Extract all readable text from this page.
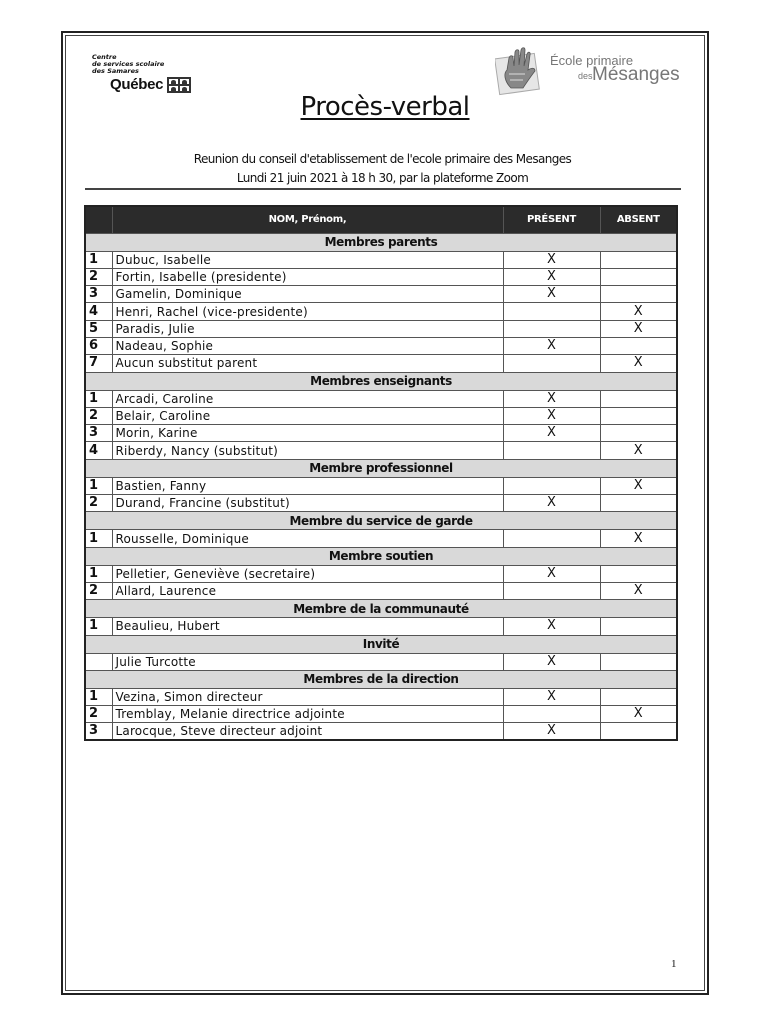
Centre
de services scolaire
des Samares
Québec
École primaire
des Mésanges
Procès-verbal
Reunion du conseil d'etablissement de l'ecole primaire des Mesanges
Lundi 21 juin 2021 à 18 h 30, par la plateforme Zoom
	NOM, Prénom,	PRÉSENT	ABSENT
Membres parents			
1	Dubuc, Isabelle	X	
2	Fortin, Isabelle (presidente)	X	
3	Gamelin, Dominique	X	
4	Henri, Rachel (vice-presidente)		X
5	Paradis, Julie		X
6	Nadeau, Sophie	X	
7	Aucun substitut parent		X
Membres enseignants			
1	Arcadi, Caroline	X	
2	Belair, Caroline	X	
3	Morin, Karine	X	
4	Riberdy, Nancy (substitut)		X
Membre professionnel			
1	Bastien, Fanny		X
2	Durand, Francine (substitut)	X	
Membre du service de garde			
1	Rousselle, Dominique		X
Membre soutien			
1	Pelletier, Geneviève (secretaire)	X	
2	Allard, Laurence		X
Membre de la communauté			
1	Beaulieu, Hubert	X	
Invité			
	Julie Turcotte	X	
Membres de la direction			
1	Vezina, Simon directeur	X	
2	Tremblay, Melanie directrice adjointe		X
3	Larocque, Steve directeur adjoint	X	
1
